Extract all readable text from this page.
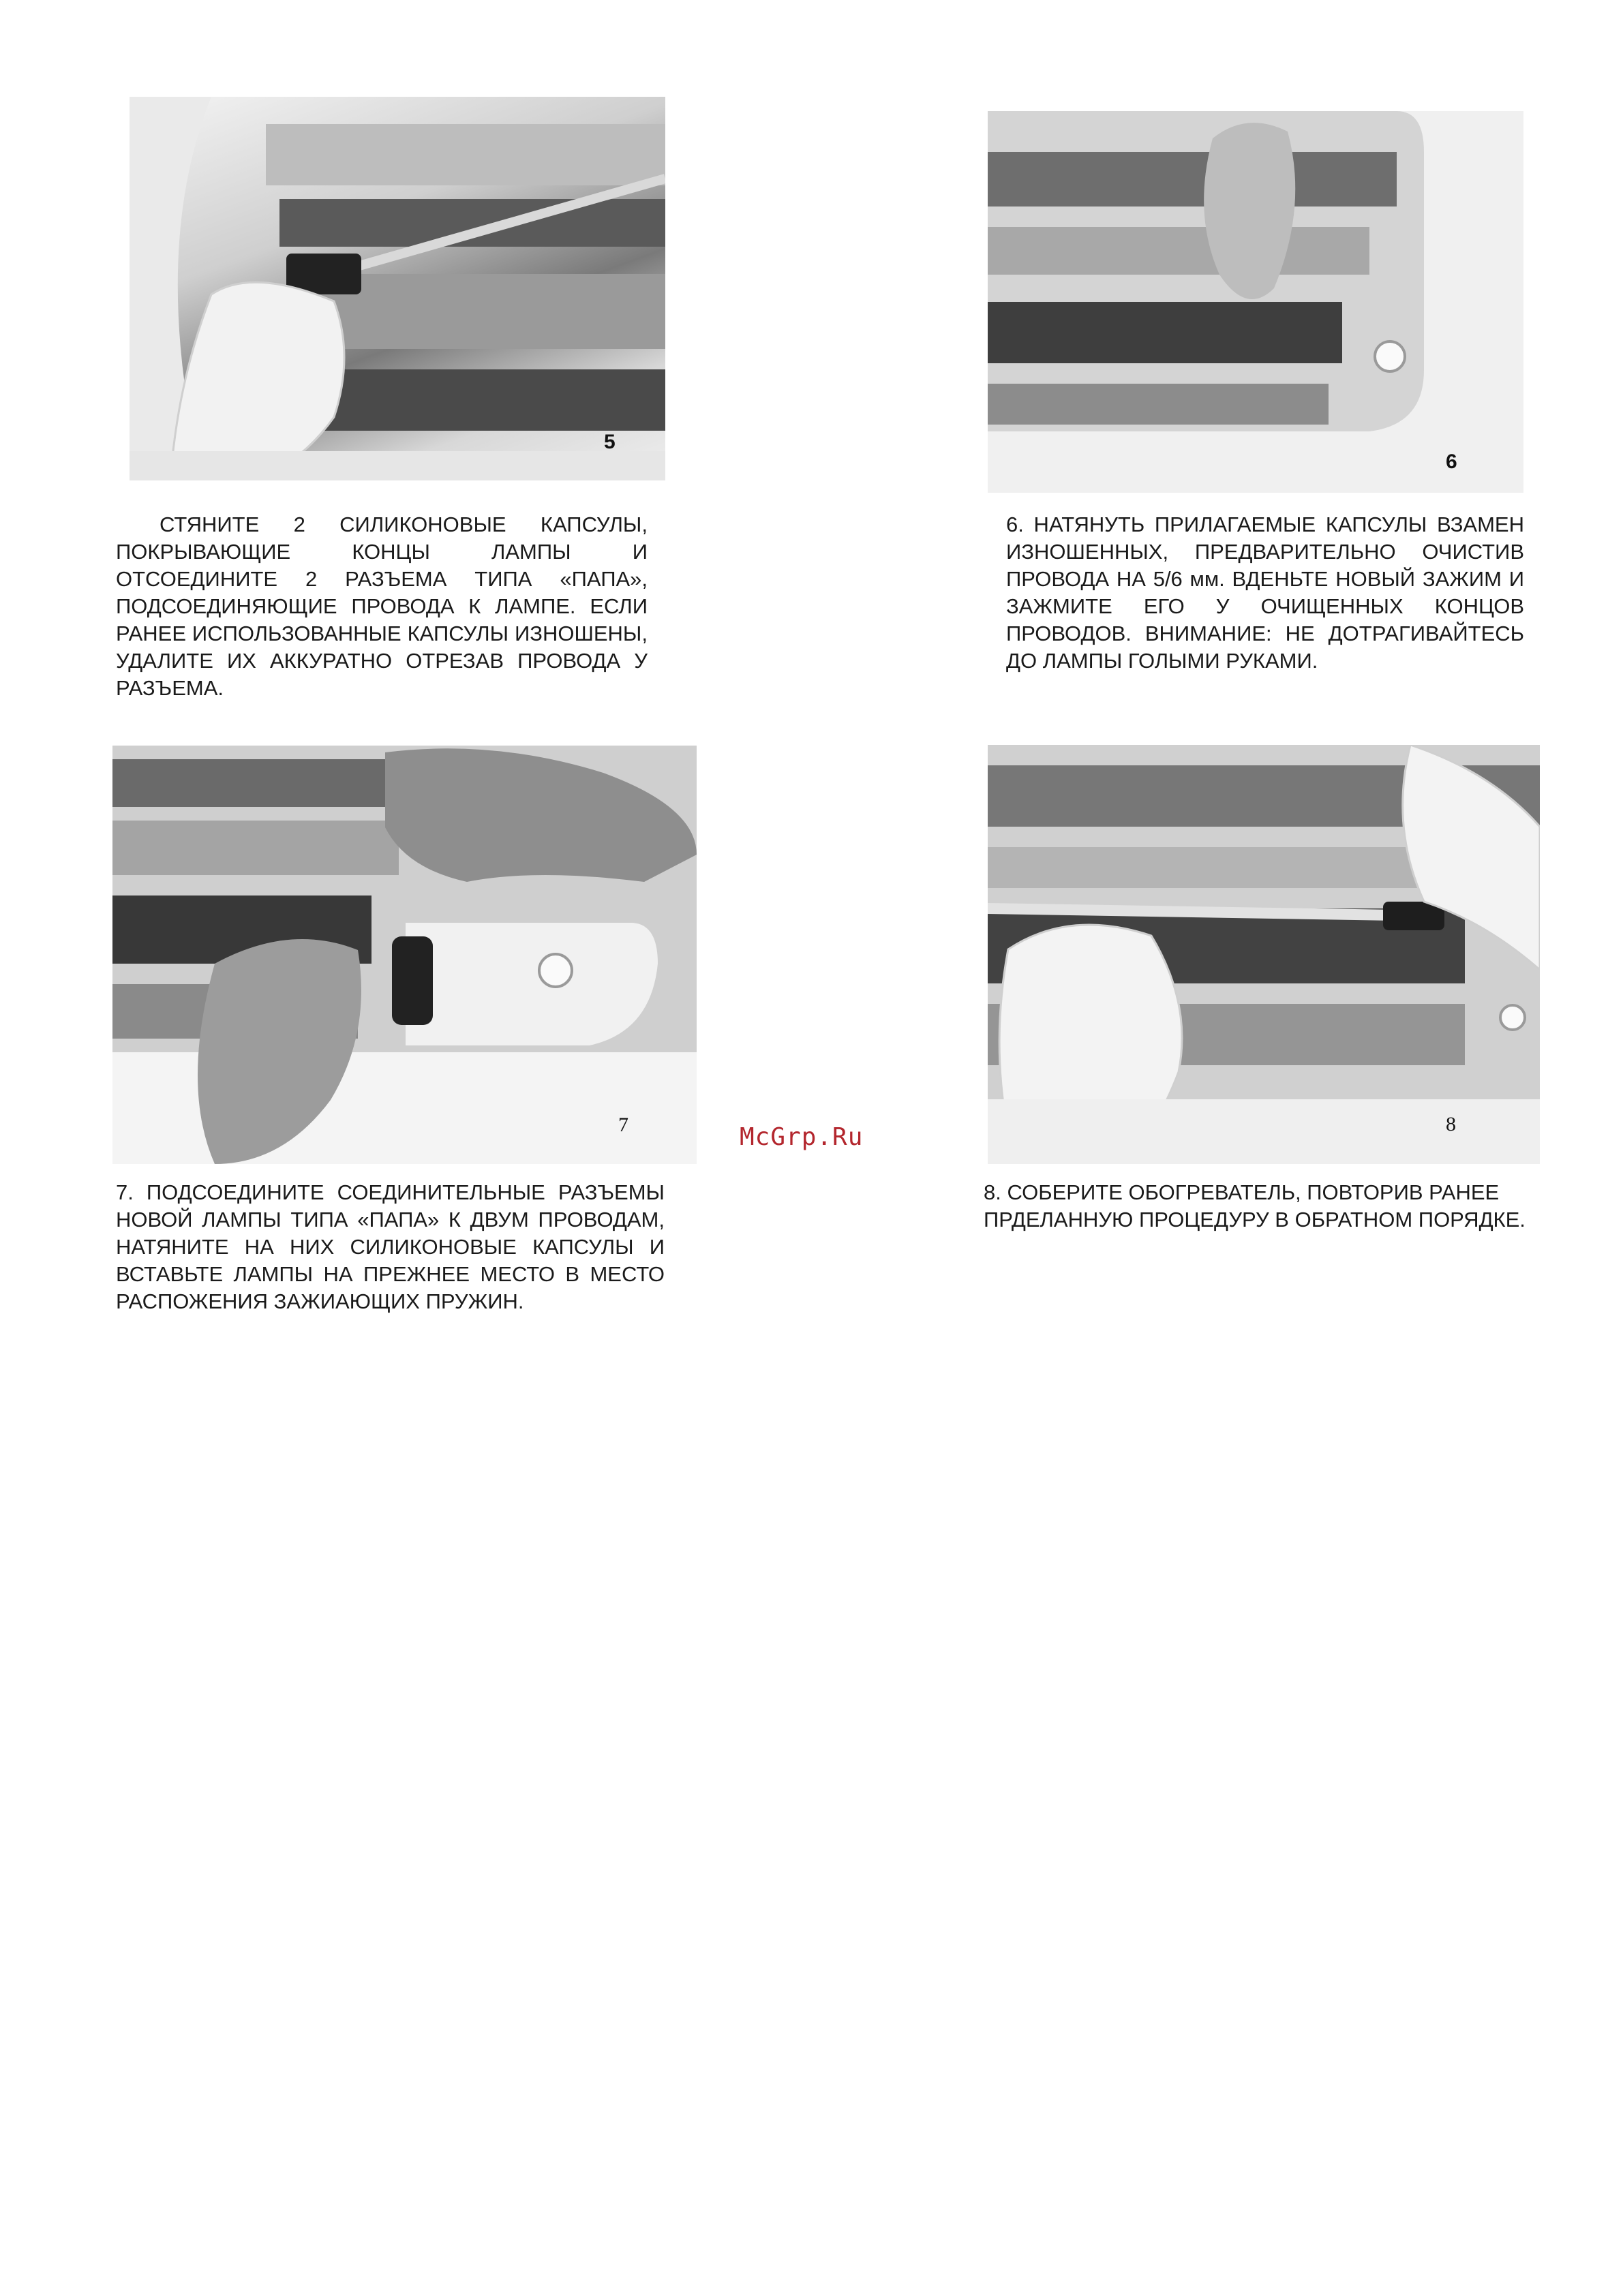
5
СТЯНИТЕ 2 СИЛИКОНОВЫЕ КАПСУЛЫ, ПОКРЫВАЮЩИЕ КОНЦЫ ЛАМПЫ И ОТСОЕДИНИТЕ 2 РАЗЪЕМА ТИПА «ПАПА», ПОДСОЕДИНЯЮЩИЕ ПРОВОДА К ЛАМПЕ. ЕСЛИ РАНЕЕ ИСПОЛЬЗОВАННЫЕ КАПСУЛЫ ИЗНОШЕНЫ, УДАЛИТЕ ИХ АККУРАТНО ОТРЕЗАВ ПРОВОДА У РАЗЪЕМА.
6
6. НАТЯНУТЬ ПРИЛАГАЕМЫЕ КАПСУЛЫ ВЗАМЕН ИЗНОШЕННЫХ, ПРЕДВАРИТЕЛЬНО ОЧИСТИВ ПРОВОДА НА 5/6 мм. ВДЕНЬТЕ НОВЫЙ ЗАЖИМ И ЗАЖМИТЕ ЕГО У ОЧИЩЕННЫХ КОНЦОВ ПРОВОДОВ. ВНИМАНИЕ: НЕ ДОТРАГИВАЙТЕСЬ ДО ЛАМПЫ ГОЛЫМИ РУКАМИ.
7
7. ПОДСОЕДИНИТЕ СОЕДИНИТЕЛЬНЫЕ РАЗЪЕМЫ НОВОЙ ЛАМПЫ ТИПА «ПАПА» К ДВУМ ПРОВОДАМ, НАТЯНИТЕ НА НИХ СИЛИКОНОВЫЕ КАПСУЛЫ И ВСТАВЬТЕ ЛАМПЫ НА ПРЕЖНЕЕ МЕСТО В МЕСТО РАСПОЖЕНИЯ ЗАЖИАЮЩИХ ПРУЖИН.
8
8. СОБЕРИТЕ ОБОГРЕВАТЕЛЬ, ПОВТОРИВ РАНЕЕ ПРДЕЛАННУЮ ПРОЦЕДУРУ В ОБРАТНОМ ПОРЯДКЕ.
McGrp.Ru
